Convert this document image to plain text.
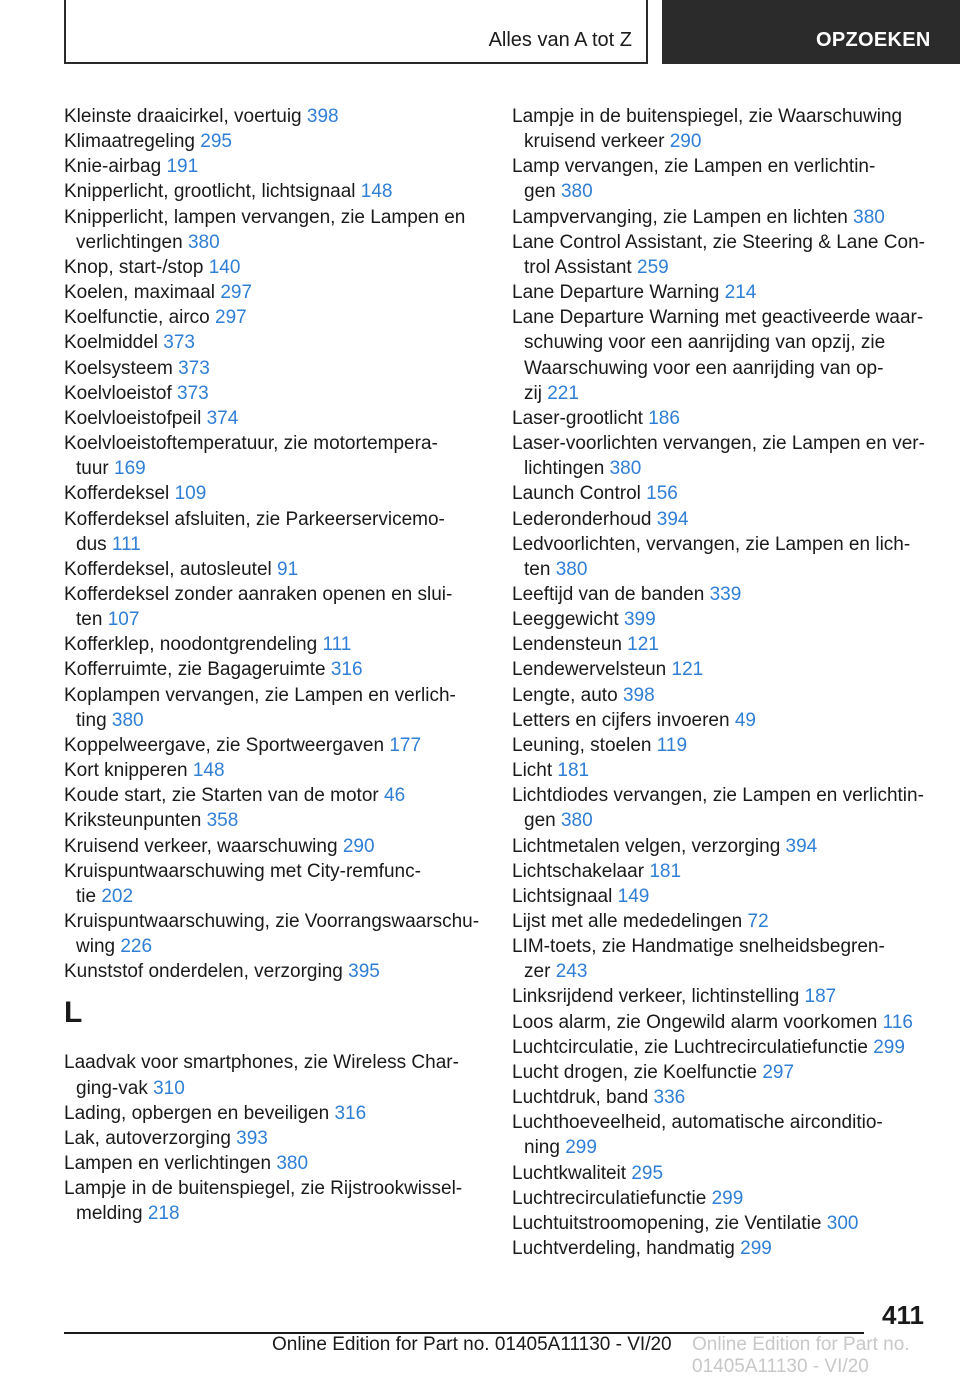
Alles van A tot Z	OPZOEKEN
Kleinste draaicirkel, voertuig 398
Klimaatregeling 295
Knie-airbag 191
Knipperlicht, grootlicht, lichtsignaal 148
Knipperlicht, lampen vervangen, zie Lampen en
verlichtingen 380
Knop, start-/stop 140
Koelen, maximaal 297
Koelfunctie, airco 297
Koelmiddel 373
Koelsysteem 373
Koelvloeistof 373
Koelvloeistofpeil 374
Koelvloeistoftemperatuur, zie motortempera-
tuur 169
Kofferdeksel 109
Kofferdeksel afsluiten, zie Parkeerservicemo-
dus 111
Kofferdeksel, autosleutel 91
Kofferdeksel zonder aanraken openen en slui-
ten 107
Kofferklep, noodontgrendeling 111
Kofferruimte, zie Bagageruimte 316
Koplampen vervangen, zie Lampen en verlich-
ting 380
Koppelweergave, zie Sportweergaven 177
Kort knipperen 148
Koude start, zie Starten van de motor 46
Kriksteunpunten 358
Kruisend verkeer, waarschuwing 290
Kruispuntwaarschuwing met City-remfunc-
tie 202
Kruispuntwaarschuwing, zie Voorrangswaarschu-
wing 226
Kunststof onderdelen, verzorging 395
L
Laadvak voor smartphones, zie Wireless Char-
ging-vak 310
Lading, opbergen en beveiligen 316
Lak, autoverzorging 393
Lampen en verlichtingen 380
Lampje in de buitenspiegel, zie Rijstrookwissel-
melding 218
Lampje in de buitenspiegel, zie Waarschuwing
kruisend verkeer 290
Lamp vervangen, zie Lampen en verlichtin-
gen 380
Lampvervanging, zie Lampen en lichten 380
Lane Control Assistant, zie Steering & Lane Con-
trol Assistant 259
Lane Departure Warning 214
Lane Departure Warning met geactiveerde waar-
schuwing voor een aanrijding van opzij, zie
Waarschuwing voor een aanrijding van op-
zij 221
Laser-grootlicht 186
Laser-voorlichten vervangen, zie Lampen en ver-
lichtingen 380
Launch Control 156
Lederonderhoud 394
Ledvoorlichten, vervangen, zie Lampen en lich-
ten 380
Leeftijd van de banden 339
Leeggewicht 399
Lendensteun 121
Lendewervelsteun 121
Lengte, auto 398
Letters en cijfers invoeren 49
Leuning, stoelen 119
Licht 181
Lichtdiodes vervangen, zie Lampen en verlichtin-
gen 380
Lichtmetalen velgen, verzorging 394
Lichtschakelaar 181
Lichtsignaal 149
Lijst met alle mededelingen 72
LIM-toets, zie Handmatige snelheidsbegren-
zer 243
Linksrijdend verkeer, lichtinstelling 187
Loos alarm, zie Ongewild alarm voorkomen 116
Luchtcirculatie, zie Luchtrecirculatiefunctie 299
Lucht drogen, zie Koelfunctie 297
Luchtdruk, band 336
Luchthoeveelheid, automatische airconditio-
ning 299
Luchtkwaliteit 295
Luchtrecirculatiefunctie 299
Luchtuitstroomopening, zie Ventilatie 300
Luchtverdeling, handmatig 299
411
Online Edition for Part no. 01405A11130 - VI/20 Online Edition for Part no. 01405A11130 - VI/20
